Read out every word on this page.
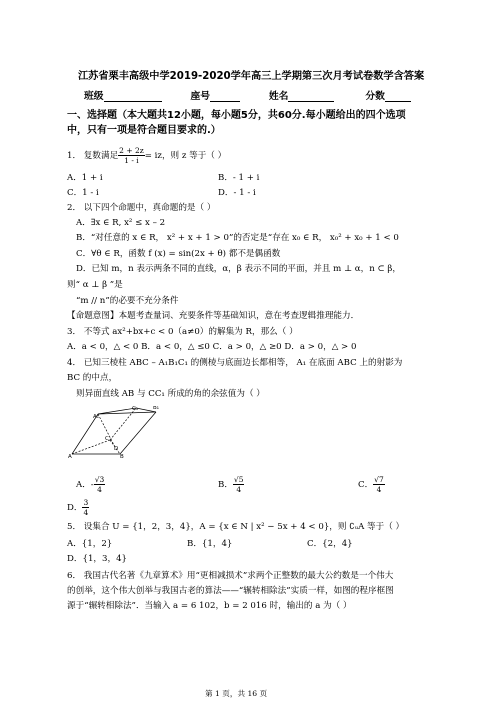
江苏省栗丰高级中学2019-2020学年高三上学期第三次月考试卷数学含答案
班级	座号	姓名	分数
一、选择题（本大题共12小题，每小题5分，共60分.每小题给出的四个选项
中，只有一项是符合题目要求的.）
1． 复数满足 $\frac{2 + 2z}{1 - i}$ = iz，则 z 等于（ ）
A．1 + i	B．- 1 + i
C．1 - i	D．- 1 - i
2． 以下四个命题中，真命题的是（ ）
A．∃x ∈ R, x² ≤ x – 2
B．“对任意的 x ∈ R， x² + x + 1 > 0”的否定是“存在 x₀ ∈ R， x₀² + x₀ + 1 < 0
C．∀θ ∈ R，函数 f (x) = sin(2x + θ) 都不是偶函数
D．已知 m，n 表示两条不同的直线，α，β 表示不同的平面，并且 m ⊥ α，n ⊂ β，
则“ α ⊥ β ”是
“m // n”的必要不充分条件
【命题意图】本题考查量词、充要条件等基础知识，意在考查逻辑推理能力．
3． 不等式 ax²+bx+c < 0（a≠0）的解集为 R，那么（ ）
A．a < 0，△ < 0 B．a < 0，△ ≤0 C．a > 0，△ ≥0 D．a > 0，△ > 0
4． 已知三棱柱 ABC – A₁B₁C₁ 的侧棱与底面边长都相等， A₁ 在底面 ABC 上的射影为
BC 的中点，
则异面直线 AB 与 CC₁ 所成的角的余弦值为（ ）
C₁	B₁
A₁
A	B
C
D
A．- $\frac{√3}{4}$	B． $\frac{√5}{4}$	C． $\frac{√7}{4}$
D． $\frac{3}{4}$
5． 设集合 U = {1，2，3，4}，A = {x ∈ N | x² − 5x + 4 < 0}，则 ∁ᵤA 等于（ ）
A．{1，2}	B．{1，4}	C．{2，4}
D．{1，3，4}
6． 我国古代名著《九章算术》用“更相减损术”求两个正整数的最大公约数是一个伟大
的创举，这个伟大创举与我国古老的算法——“辗转相除法”实质一样，如图的程序框图
源于“辗转相除法”．当输入 a = 6 102，b = 2 016 时，输出的 a 为（ ）
第 1 页，共 16 页
